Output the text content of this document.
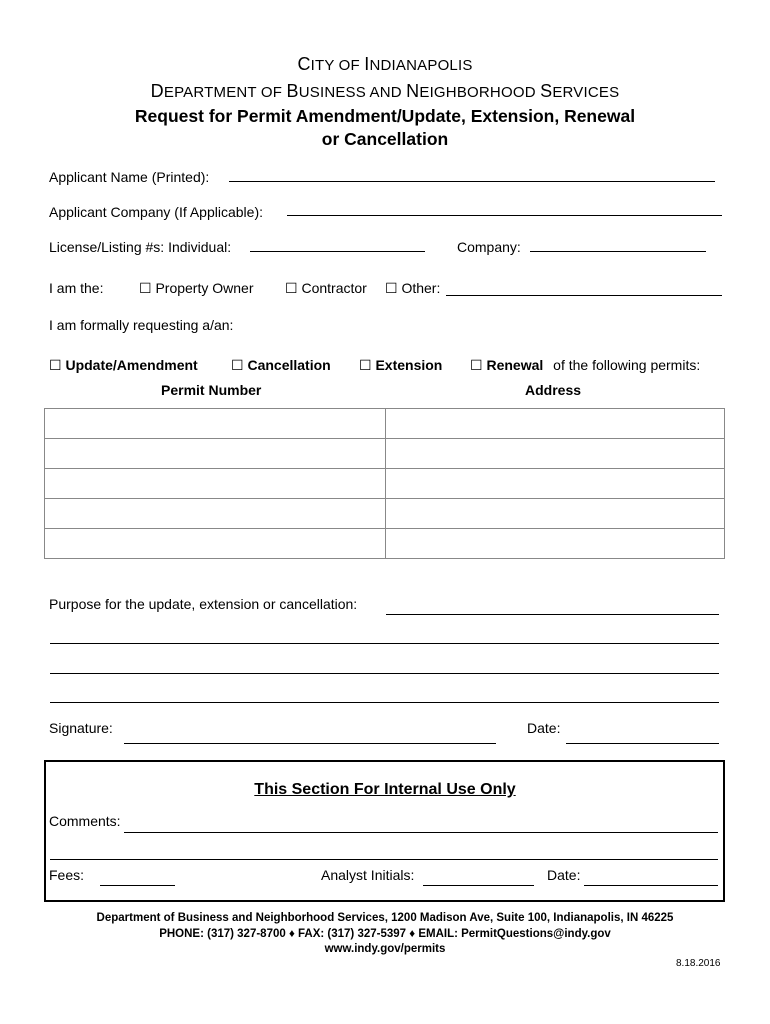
CITY OF INDIANAPOLIS
DEPARTMENT OF BUSINESS AND NEIGHBORHOOD SERVICES
Request for Permit Amendment/Update, Extension, Renewal
or Cancellation
Applicant Name (Printed):
Applicant Company (If Applicable):
License/Listing #s: Individual:	Company:
I am the:	☐ Property Owner ☐ Contractor ☐ Other:
I am formally requesting a/an:
☐ Update/Amendment ☐ Cancellation ☐ Extension ☐ Renewal of the following permits:
Permit Number	Address

Purpose for the update, extension or cancellation:
Signature:	Date:
This Section For Internal Use Only
Comments:
Fees:	Analyst Initials:	Date:
Department of Business and Neighborhood Services, 1200 Madison Ave, Suite 100, Indianapolis, IN 46225
PHONE: (317) 327-8700 ♦ FAX: (317) 327-5397 ♦ EMAIL: PermitQuestions@indy.gov
www.indy.gov/permits
8.18.2016
